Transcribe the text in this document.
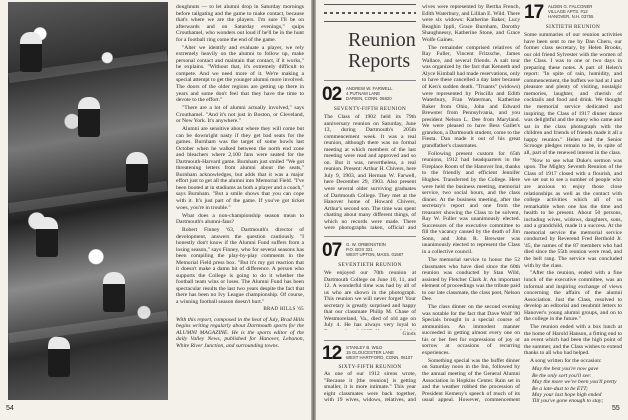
doughnuts — to let alumni drop in Saturday mornings before tailgating and the game to make contact, because that's where we are the players. I'm sure I'll be on afterwards and on Saturday evenings," quips Crouthamel, who wonders out loud if he'll be in the hunt for a football ring come the end of the game.

"Alter we identify and evaluate a player, we rely extremely heavily on the alumni to follow up, make personal contact and maintain that contact, if it works," he explains. "Without that, it's extremely difficult to compete. And we need more of it. We're making a special attempt to get the younger alumni more involved. The doors of the older regions are getting up there in years and some don't feel that they have the time to devote to the effort."

"There are a lot of alumni actually involved," says Crouthamel. "And it's not just in Boston, or Cleveland, or New York. It's anywhere."

Alumni are sensitive about where they will come but can be downright nasty if they get bad seats for the games. Burnham was the target of some howls last October when he walked between the north end zone and bleachers where 2,100 fans were seated for the Dartmouth-Harvard game. Burnham just smiled "We got threatening letters from alumni about the seats," Burnham acknowledges, but adds that it was a major effort just to get all the alumni into Memorial Field. "I've been booted at in stadiums as both a player and a coach," says Burnham. "But a smile shows that you can cope with it. It's just part of the game. If you've got ticket woes, you're in trouble."

What does a non-championship season mean to Dartmouth's alumni-fans?

Robert Finney '63, Dartmouth's director of development, answers the question cautiously. "I honestly don't know if the Alumni Fund suffers from a losing season," says Finney, who for several seasons has been compiling the play-by-play comments in the Memorial Field press box. "But it's my gut reaction that it doesn't make a damn bit of difference. A person who supports the College is going to do it whether the football team wins or loses. The Alumni Fund has been spectacular results the last two years despite the fact that there has been no Ivy League championship. Of course, a winning football season doesn't hurt."

BRAD HILLS '65

With this report, composed in the heat of July, Brad Hills begins writing regularly about Dartmouth sports for the ALUMNI MAGAZINE. He is the sports editor of the daily Valley News, published for Hanover, Lebanon, White River Junction, and surrounding towns.

54
Reunion
Reports
02 ANDREW W. FARWELL
4 PUTNAM LANE
DARIEN, CONN. 06820
SEVENTY-FIFTH REUNION
The Class of 1902 held its 79th anniversary reunion on Saturday, June 13, during Dartmouth's 205th commencement week. It was a real reunion, although there was no formal meeting at which members of the last meeting were read and approved and so on. But it was, nevertheless, a real reunion. Present: Arthur H. Chivers, here July 9, 1903, and Herman W. Farwell, here December 29, 1903. Also present were several older surviving graduates of Dartmouth College. They met at the Hanover home of Howard Chivers, Arthur's second son. The time was spent chatting about many different things, of which no records were made. There were photographs taken, official and
07 G. W. ORBENSTEIN
P.O. BOX 321
WEST UPTON, MASS. 01587
SEVENTIETH REUNION
We enjoyed our 70th reunion at Dartmouth College on June 10, 11, and 12. A wonderful time was had by all of us who are shown in the photograph. This reunion we will never forget! Your secretary is greatly surprised and happy that our classmate Philip M. Chase of Westmoreland, Va., died of old age on July 4. He has always very loyal to
Ginds
12 STANLEY B. WILD
15 GLOUCESTER LANE
WEST HARTFORD, CONN. 06107
SIXTY-FIFTH REUNION
As one of our 1912 sirens wrote, "Because it [the reunion] is getting smaller, it is more intimate." This year eight classmates were back together, with 19 wives, widows, relatives, and

wives were represented by Bertha French, Edith Waterbury, and Lillian E. Wild. There were six widows: Katherine Baker, Lucy Beaghin Ippli, Grace Burnham, Dorothy Shaughnessy, Katherine Stone, and Grace Wolfe Gaines.

The remainder comprised relatives of Ray Fuller, Vincent Fritzsche, James Wallace, and several friends. A salt tour was organized by the fact that Kenneth and Alyce Kimball had made reservations, only to have these cancelled a day later because of Ken's sudden death. "Truants" (widows) were represented by Priscilla and Edith Waterbury, Fran Waterman, Katherine Baker from Ohio, John and Edward Brewster from Pennsylvania, and you president Nelson L. Dee from Maryland. We were pleased to have Bess Gallet's grandson, a Dartmouth student, come to the Fiesta. Dan made it out of his great grandfather's classmates.

Following present custom for 65th reunions, 1912 had headquarters in the Fireplace Room of the Hanover Inn, thanks to the friendly and efficient Jennifer Hughes. Transferred by the College. Here were held the business meeting, memorial service, two social hours, and the class dinner. At the business meeting, after the secretary's report and one from the treasurer showing the Class to be solvent, Ray W. Fuller was unanimously elected. Successors of the executive committee to fill the vacancy caused by the death of Jim Sonn, and John R. Brewster was unanimously elected to represent the Class in a collective council.

The memorial service to honor the 52 classmates who have died since the 60th reunion was conducted by Stan Wild, assisted by Fletcher Clark Jr. An important element of proceedings was the tribute paid to our late classmate, the class poet, Nelson Dee.

The class dinner on the second evening was notable for the fact that Dave Wolf '80 Specials brought in a special course of ammunition. An immodest manner succeeded in getting almost every one on his or her feet for expressions of joy or sorrow at occasions of recurring experiences.

Something special was the buffet dinner on Saturday noon in the Inn, followed by the annual meeting of the General Alumni Association in Hopkins Center. Rain set in and the weather robbed the procession of President Kemeny's speech of much of its usual appeal. However, commencement

17 ALDEN G. FALCONER
VILLAGE APTS. #12
HANOVER, N.H. 03755
SIXTIETH REUNION

Some summaries of our reunion activities have been sent to me by Dan Cheru, our former class secretary, by Helen Brooks, our old friend Sylvester with the women of the Class. I was to one or two days in preparing these notes. A part of Helen's report: "In spite of rain, humidity, and commencement, the buffets we had at J and pleasure and plenty of visiting, nostalgic memories, laughter, and cherish of cocktails and food and drink. We thought the memorial service dedicated and inspiring, the Class of 1917 dinner dance was delightful and the many who came and sat in the class photograph with the children and friends of friends made it all a happy reunion." Helen and the Senior Scrooge pledges remain to be, in spite of all, part of the renewed interest in the class.

"Now to see what Duke's sermon was upon. The Mighty Seventh Reunion of the Class of 1917 closed with a flourish, and we set out to see a number of people who are anxious to enjoy those close relationships as well as the contact with college activities which all of us remarkable when one has the time and health to be present. About 50 persons, including wives, widows, daughters, sons, and a grandchild, made it a success. At the memorial service the memorial service conducted by Reverend Fred Berthold Jr. '45, the names of the 87 members who had died since the 55th reunion were read, and the bell rang. The service was concluded with by the class.

"After the reunion, ended with a fine lunch of the executive committee, was an informal and inspiring exchange of views concerning the affairs of the alumni Association. Just the Class, resolved to develop an editorial and resubmit letters to Hanover's young alumni groups, and on to the college in the future."

The reunion ended with a box lunch at the home of Harold Hanson, a fitting end to an event which had been the high point of the summer, and the Class wishes to extend thanks to all who had helped.

A song written for the occasion:

May the best you're now gave
Be the only sort you'll see:
May the more we've been you'll pretty
Be a late-dust to be ETT;
May your last hope high ended
Till you've gone enough to stay;

55
